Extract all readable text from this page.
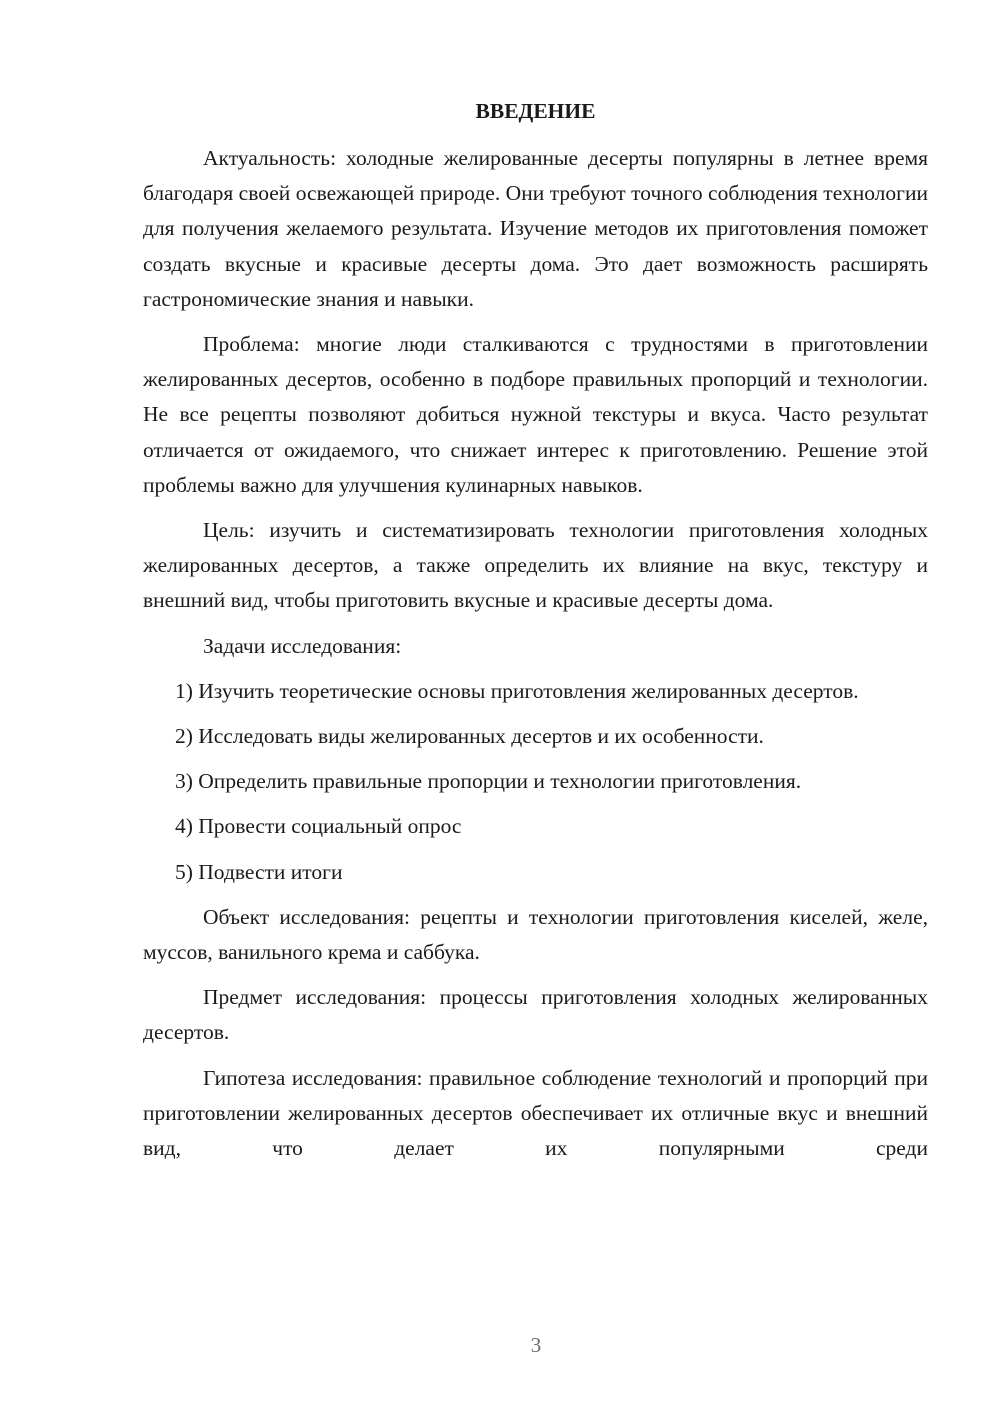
ВВЕДЕНИЕ

Актуальность: холодные желированные десерты популярны в летнее время благодаря своей освежающей природе. Они требуют точного соблюдения технологии для получения желаемого результата. Изучение методов их приготовления поможет создать вкусные и красивые десерты дома. Это дает возможность расширять гастрономические знания и навыки.

Проблема: многие люди сталкиваются с трудностями в приготовлении желированных десертов, особенно в подборе правильных пропорций и технологии. Не все рецепты позволяют добиться нужной текстуры и вкуса. Часто результат отличается от ожидаемого, что снижает интерес к приготовлению. Решение этой проблемы важно для улучшения кулинарных навыков.

Цель: изучить и систематизировать технологии приготовления холодных желированных десертов, а также определить их влияние на вкус, текстуру и внешний вид, чтобы приготовить вкусные и красивые десерты дома.

Задачи исследования:

1) Изучить теоретические основы приготовления желированных десертов.

2) Исследовать виды желированных десертов и их особенности.

3) Определить правильные пропорции и технологии приготовления.

4) Провести социальный опрос

5) Подвести итоги

Объект исследования: рецепты и технологии приготовления киселей, желе, муссов, ванильного крема и саббука.

Предмет исследования: процессы приготовления холодных желированных десертов.

Гипотеза исследования: правильное соблюдение технологий и пропорций при приготовлении желированных десертов обеспечивает их отличные вкус и внешний вид, что делает их популярными среди

3
